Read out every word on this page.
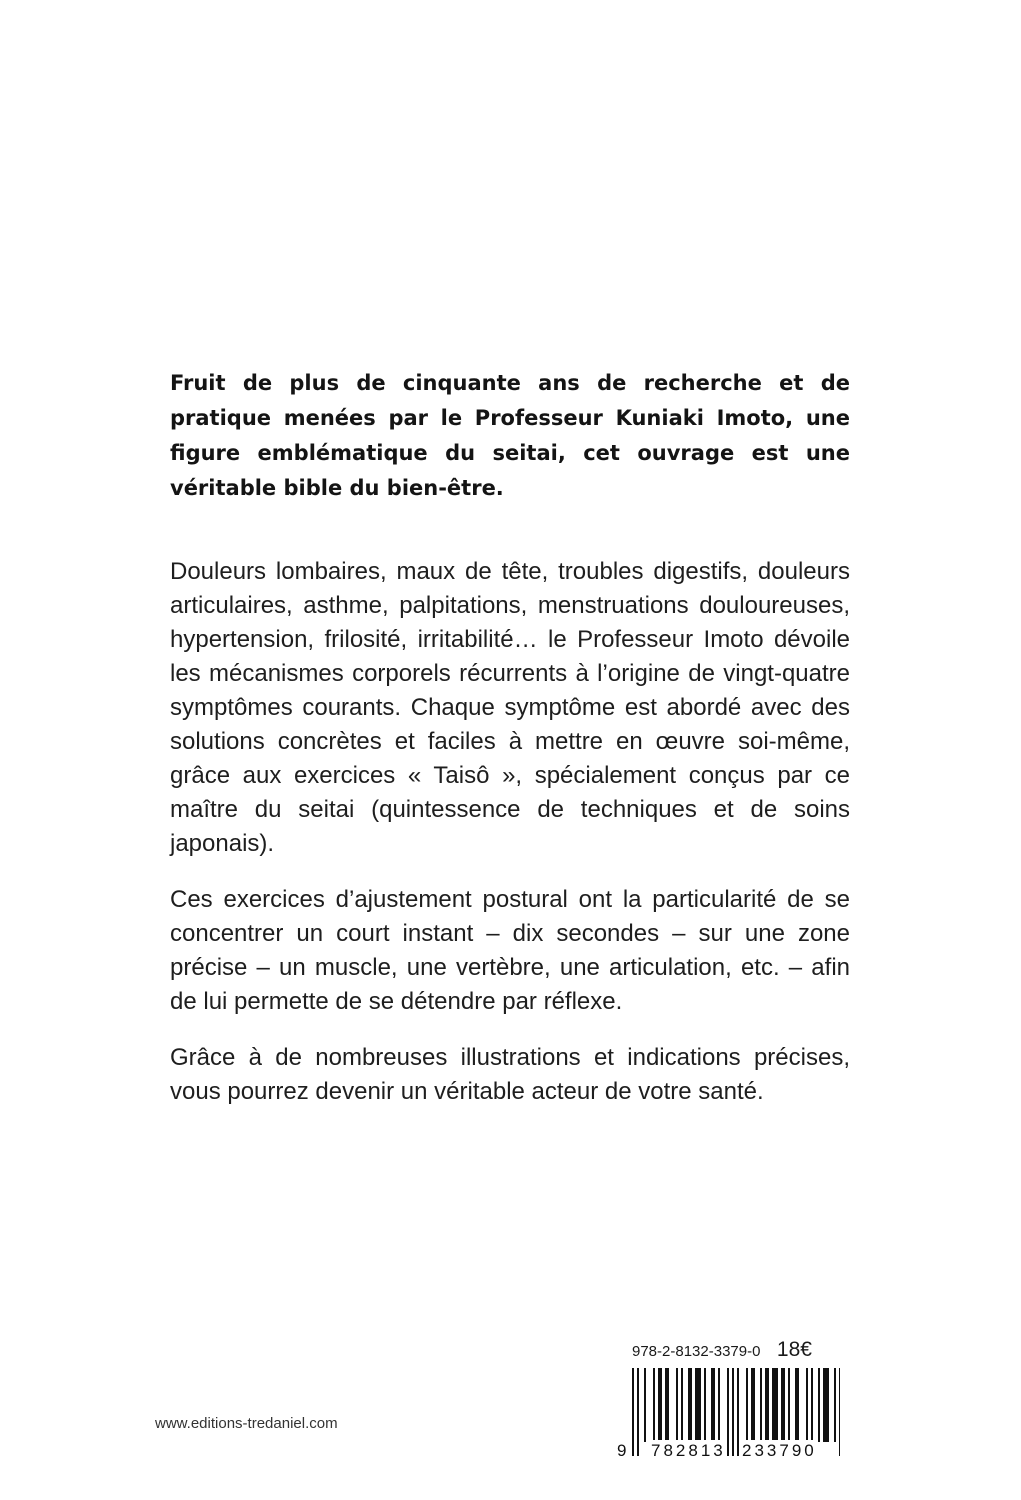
Fruit de plus de cinquante ans de recherche et de pratique menées par le Professeur Kuniaki Imoto, une figure emblématique du seitai, cet ouvrage est une véritable bible du bien-être.

Douleurs lombaires, maux de tête, troubles digestifs, douleurs articulaires, asthme, palpitations, menstruations douloureuses, hypertension, frilosité, irritabilité… le Professeur Imoto dévoile les mécanismes corporels récurrents à l’origine de vingt-quatre symptômes courants. Chaque symptôme est abordé avec des solutions concrètes et faciles à mettre en œuvre soi-même, grâce aux exercices « Taisô », spécialement conçus par ce maître du seitai (quintessence de techniques et de soins japonais).

Ces exercices d’ajustement postural ont la particularité de se concentrer un court instant – dix secondes – sur une zone précise – un muscle, une vertèbre, une articulation, etc. – afin de lui permette de se détendre par réflexe.

Grâce à de nombreuses illustrations et indications précises, vous pourrez devenir un véritable acteur de votre santé.

978-2-8132-3379-0 18€
9 782813 233790
www.editions-tredaniel.com
